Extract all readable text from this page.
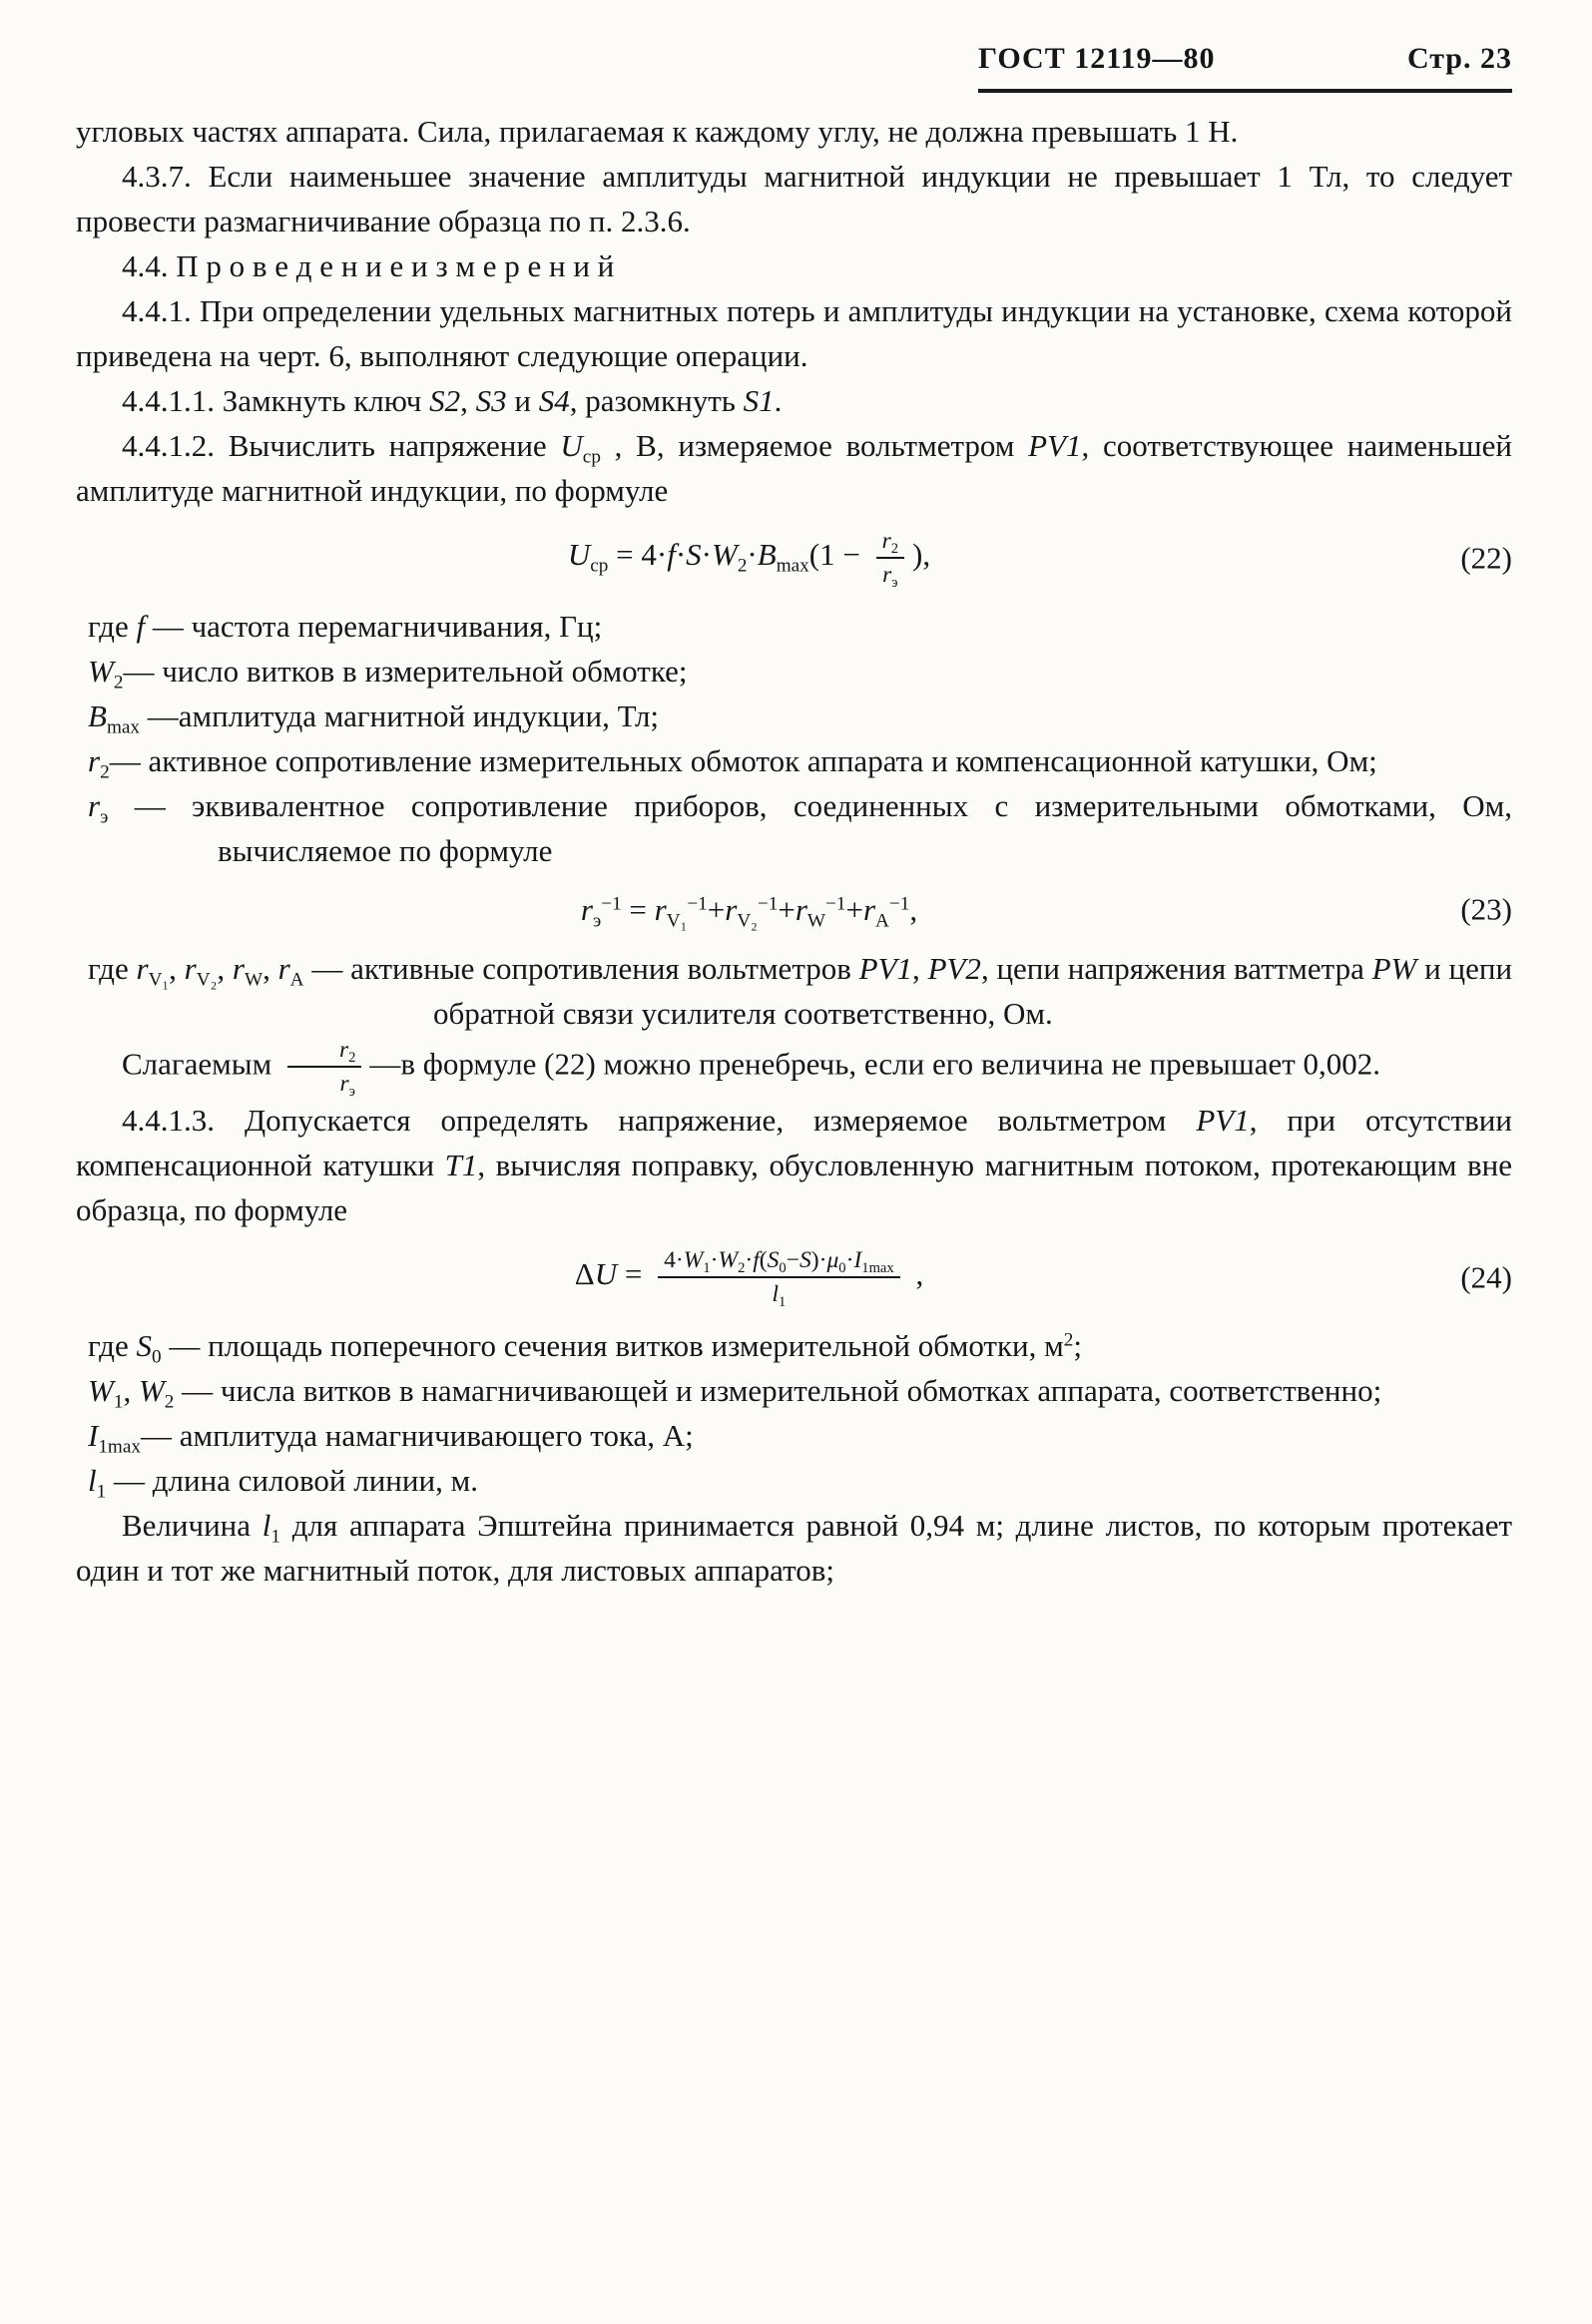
ГОСТ 12119—80	Стр. 23
угловых частях аппарата. Сила, прилагаемая к каждому углу, не должна превышать 1 Н.
4.3.7. Если наименьшее значение амплитуды магнитной индукции не превышает 1 Тл, то следует провести размагничивание образца по п. 2.3.6.
4.4. П р о в е д е н и е и з м е р е н и й
4.4.1. При определении удельных магнитных потерь и амплитуды индукции на установке, схема которой приведена на черт. 6, выполняют следующие операции.
4.4.1.1. Замкнуть ключ S2, S3 и S4, разомкнуть S1.
4.4.1.2. Вычислить напряжение $U_{ср}$ , В, измеряемое вольтметром PV1, соответствующее наименьшей амплитуде магнитной индукции, по формуле
$U_{ср} = 4\cdot f\cdot S\cdot W_2\cdot B_{max}(1 - \frac{r_2}{r_э}$ ),	(22)
где f — частота перемагничивания, Гц;
$W_2—$ число витков в измерительной обмотке;
$B_{max}$ —амплитуда магнитной индукции, Тл;
$r_2—$ активное сопротивление измерительных обмоток аппарата и компенсационной катушки, Ом;
$r_э$ — эквивалентное сопротивление приборов, соединенных с измерительными обмотками, Ом, вычисляемое по формуле
$r_э^{-1} = r_{V_1}^{-1}+r_{V_2}^{-1}+r_W^{-1}+r_A^{-1}$,	(23)
где $r_{V_1}$, $r_{V_2}$, $r_W$, $r_A$ — активные сопротивления вольтметров PV1, PV2, цепи напряжения ваттметра PW и цепи обратной связи усилителя соответственно, Ом.
Слагаемым $\frac{r_2}{r_э}$ —в формуле (22) можно пренебречь, если его величина не превышает 0,002.
4.4.1.3. Допускается определять напряжение, измеряемое вольтметром PV1, при отсутствии компенсационной катушки T1, вычисляя поправку, обусловленную магнитным потоком, протекающим вне образца, по формуле
$\Delta U = \frac{4\cdot W_1\cdot W_2\cdot f(S_0-S)\cdot\mu_0\cdot I_{1max}}{l_1}$ ,	(24)
где $S_0$ — площадь поперечного сечения витков измерительной обмотки, $м^2$;
$W_1$, $W_2$ — числа витков в намагничивающей и измерительной обмотках аппарата, соответственно;
$I_{1max}—$ амплитуда намагничивающего тока, А;
$l_1$ — длина силовой линии, м.
Величина $l_1$ для аппарата Эпштейна принимается равной 0,94 м; длине листов, по которым протекает один и тот же магнитный поток, для листовых аппаратов;
